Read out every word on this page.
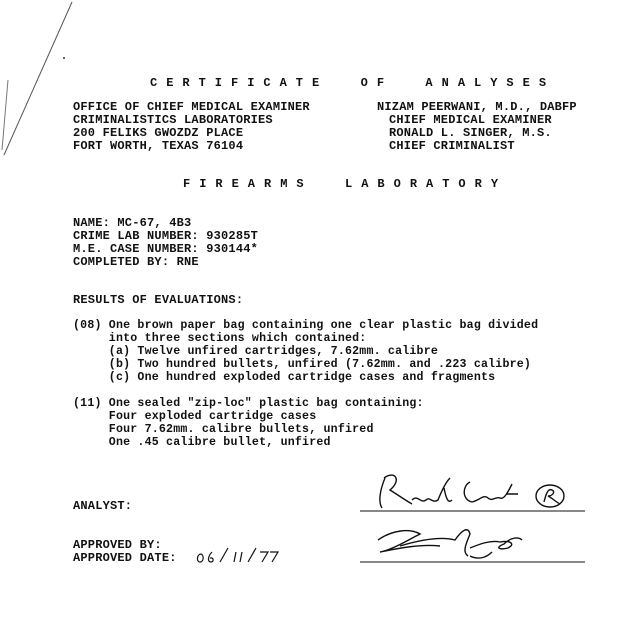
CERTIFICATE  OF  ANALYSES
OFFICE OF CHIEF MEDICAL EXAMINER
CRIMINALISTICS LABORATORIES
200 FELIKS GWOZDZ PLACE
FORT WORTH, TEXAS 76104
NIZAM PEERWANI, M.D., DABFP
CHIEF MEDICAL EXAMINER
RONALD L. SINGER, M.S.
CHIEF CRIMINALIST
FIREARMS  LABORATORY
NAME: MC-67, 4B3
CRIME LAB NUMBER: 930285T
M.E. CASE NUMBER: 930144*
COMPLETED BY: RNE
RESULTS OF EVALUATIONS:
(08) One brown paper bag containing one clear plastic bag divided
into three sections which contained:
(a) Twelve unfired cartridges, 7.62mm. calibre
(b) Two hundred bullets, unfired (7.62mm. and .223 calibre)
(c) One hundred exploded cartridge cases and fragments
(11) One sealed "zip-loc" plastic bag containing:
Four exploded cartridge cases
Four 7.62mm. calibre bullets, unfired
One .45 calibre bullet, unfired
ANALYST:
APPROVED BY:
APPROVED DATE:
